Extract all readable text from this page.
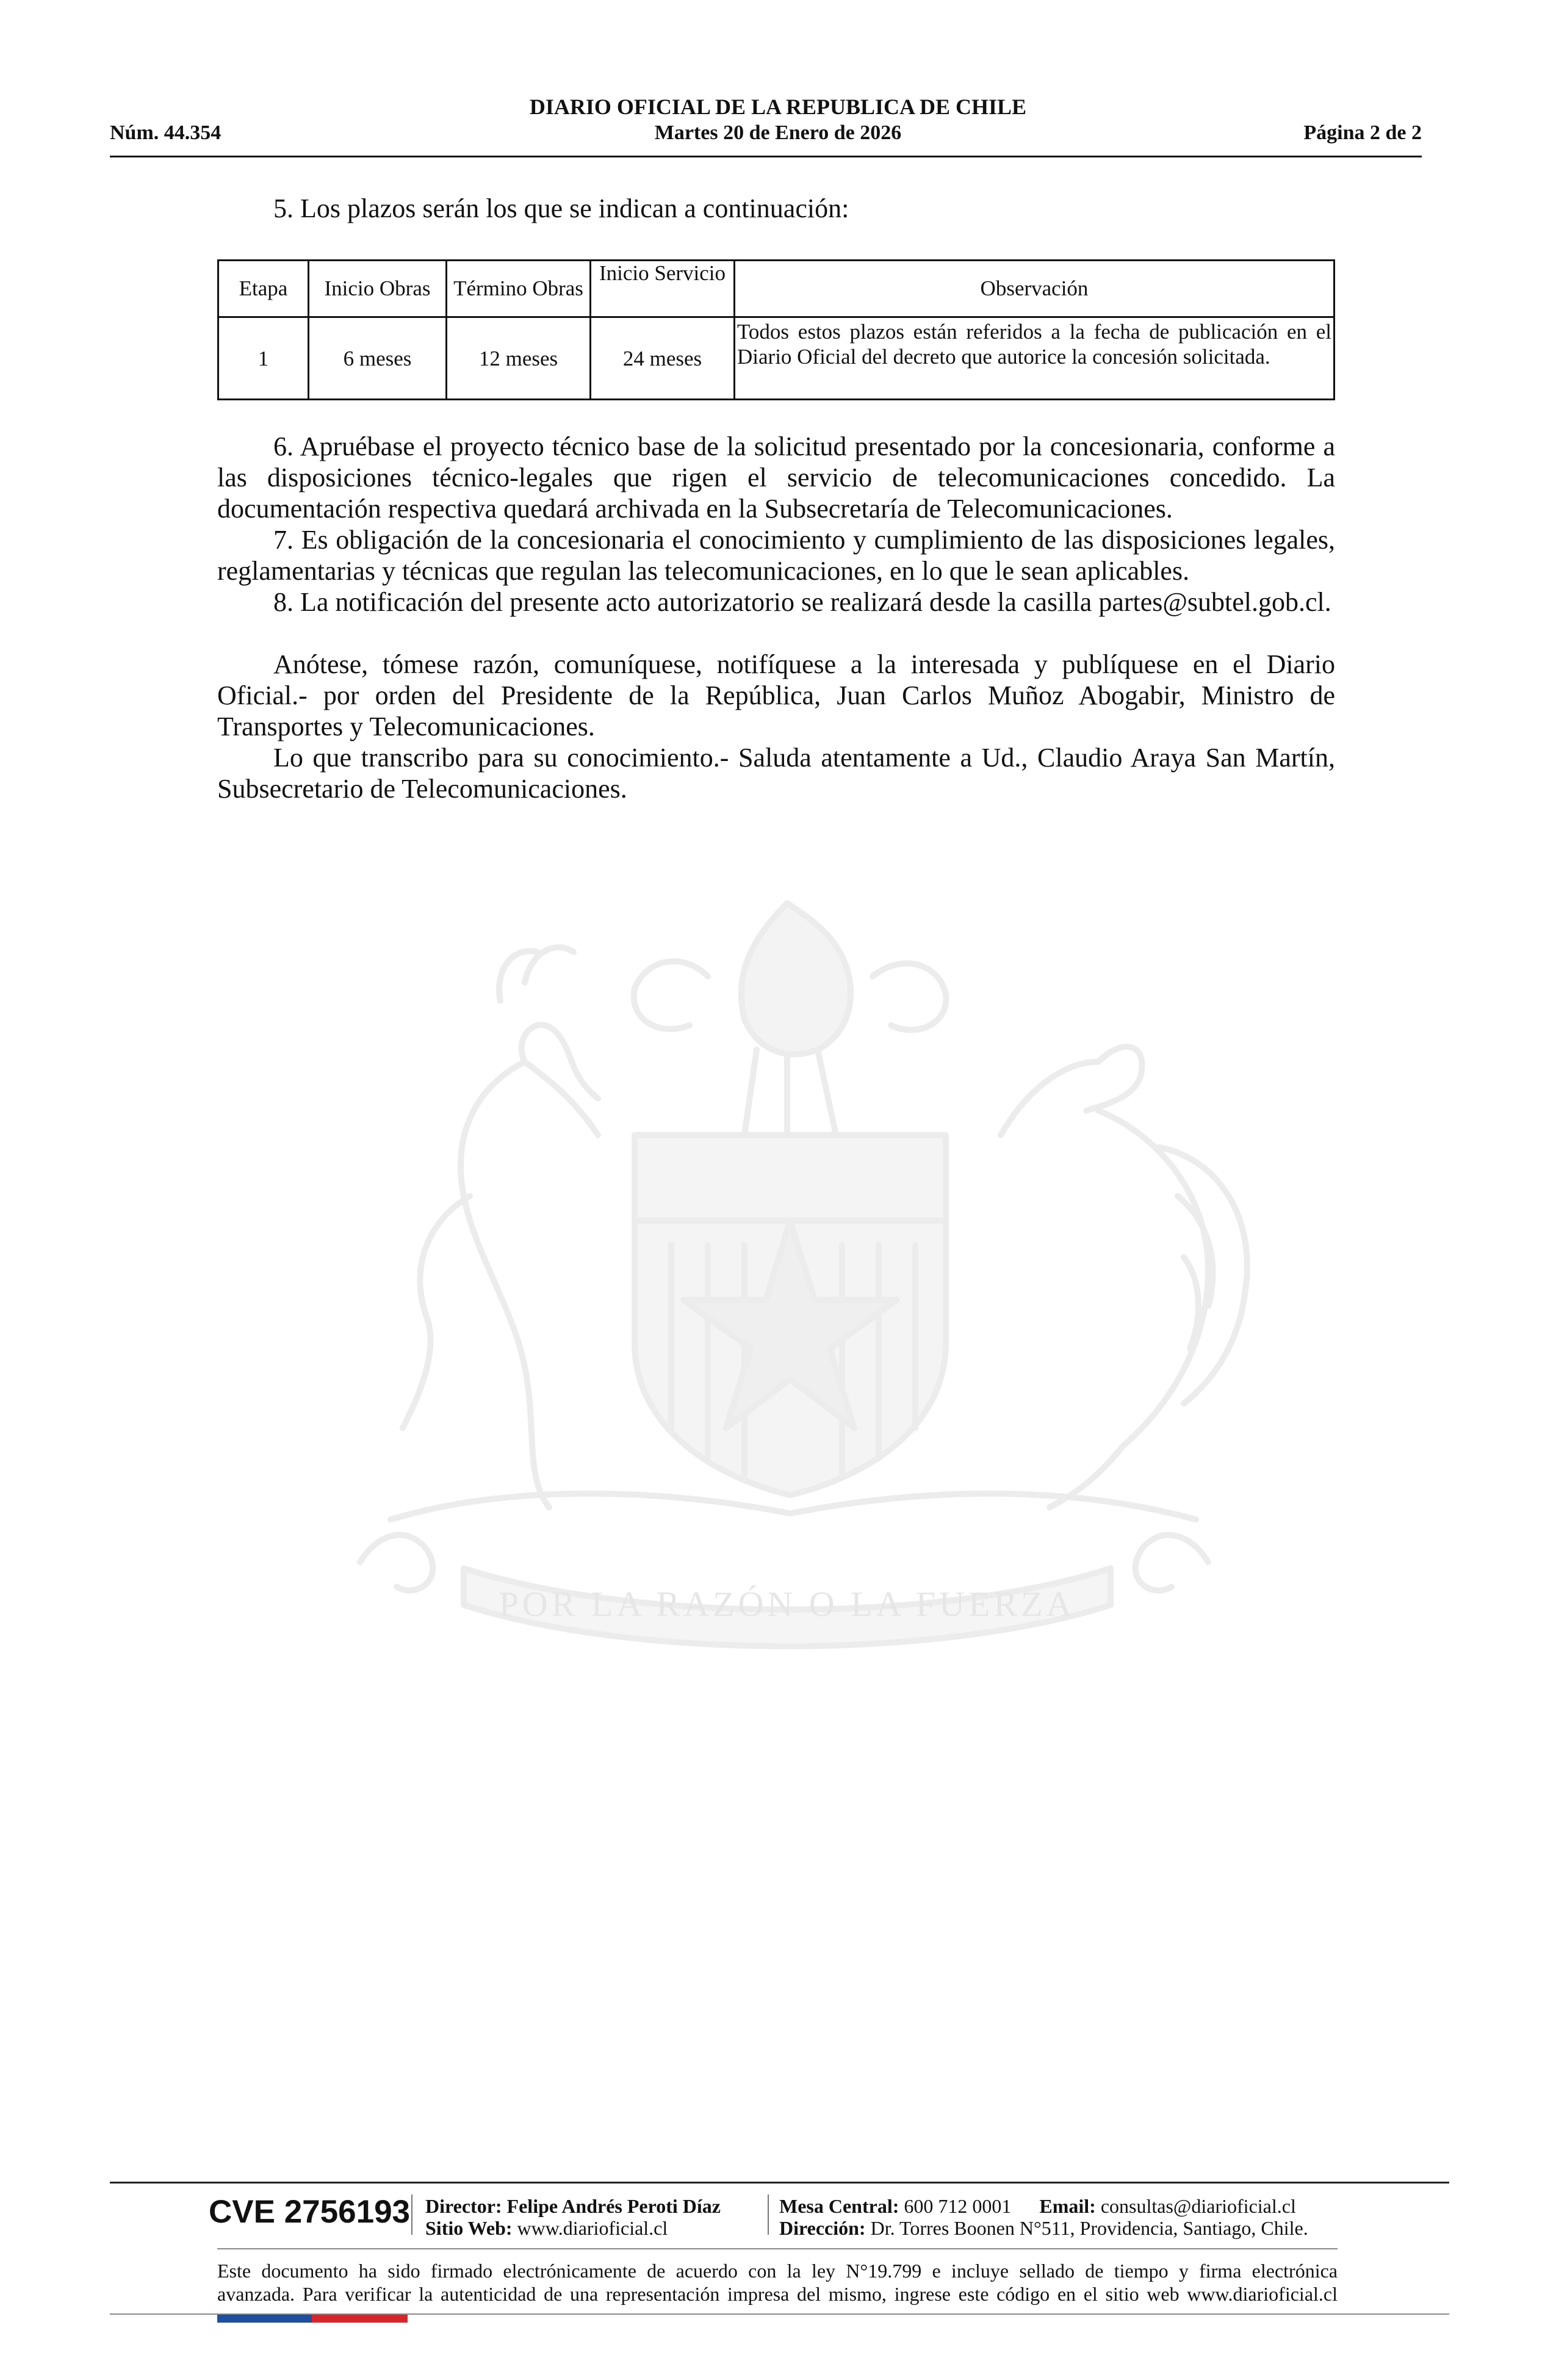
DIARIO OFICIAL DE LA REPUBLICA DE CHILE
Núm. 44.354	Martes 20 de Enero de 2026	Página 2 de 2
POR LA RAZÓN O LA FUERZA
5. Los plazos serán los que se indican a continuación:
Etapa	Inicio Obras	Término Obras	Inicio Servicio	Observación
1	6 meses	12 meses	24 meses	Todos estos plazos están referidos a la fecha de publicación en el Diario Oficial del decreto que autorice la concesión solicitada.

6. Apruébase el proyecto técnico base de la solicitud presentado por la concesionaria, conforme a las disposiciones técnico-legales que rigen el servicio de telecomunicaciones concedido. La documentación respectiva quedará archivada en la Subsecretaría de Telecomunicaciones.

7. Es obligación de la concesionaria el conocimiento y cumplimiento de las disposiciones legales, reglamentarias y técnicas que regulan las telecomunicaciones, en lo que le sean aplicables.

8. La notificación del presente acto autorizatorio se realizará desde la casilla partes@subtel.gob.cl.

Anótese, tómese razón, comuníquese, notifíquese a la interesada y publíquese en el Diario Oficial.- por orden del Presidente de la República, Juan Carlos Muñoz Abogabir, Ministro de Transportes y Telecomunicaciones.

Lo que transcribo para su conocimiento.- Saluda atentamente a Ud., Claudio Araya San Martín, Subsecretario de Telecomunicaciones.

CVE 2756193 Director: Felipe Andrés Peroti Díaz
Sitio Web: www.diarioficial.cl
Mesa Central: 600 712 0001 Email: consultas@diarioficial.cl
Dirección: Dr. Torres Boonen N°511, Providencia, Santiago, Chile.
Este documento ha sido firmado electrónicamente de acuerdo con la ley N°19.799 e incluye sellado de tiempo y firma electrónica
avanzada. Para verificar la autenticidad de una representación impresa del mismo, ingrese este código en el sitio web www.diarioficial.cl
